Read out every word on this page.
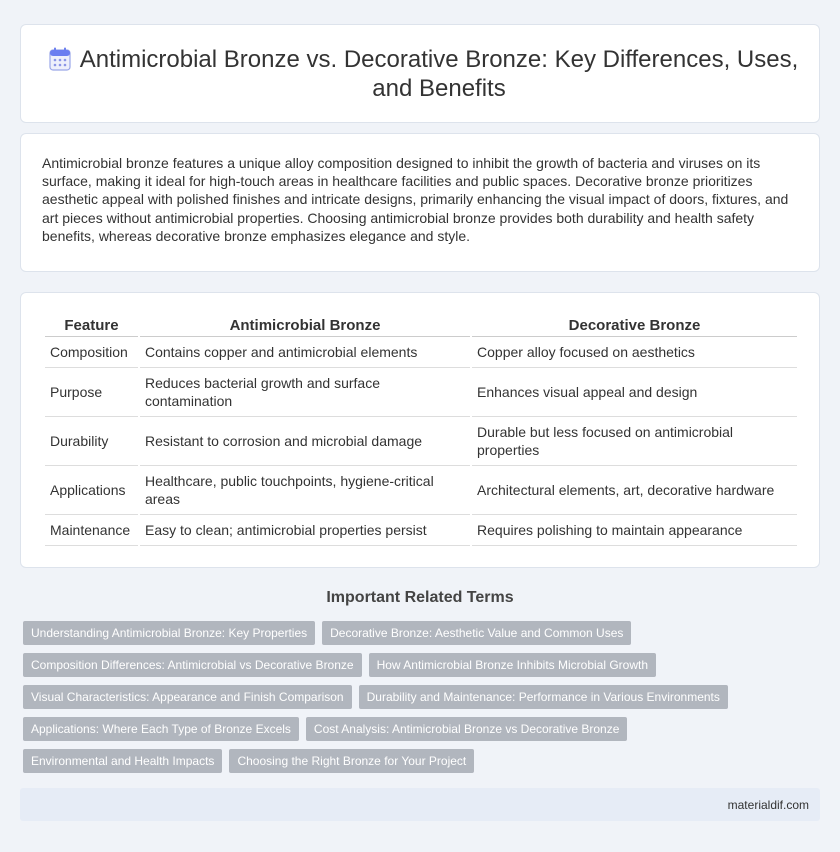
Antimicrobial Bronze vs. Decorative Bronze: Key Differences, Uses, and Benefits

Antimicrobial bronze features a unique alloy composition designed to inhibit the growth of bacteria and viruses on its surface, making it ideal for high-touch areas in healthcare facilities and public spaces. Decorative bronze prioritizes aesthetic appeal with polished finishes and intricate designs, primarily enhancing the visual impact of doors, fixtures, and art pieces without antimicrobial properties. Choosing antimicrobial bronze provides both durability and health safety benefits, whereas decorative bronze emphasizes elegance and style.

Feature	Antimicrobial Bronze	Decorative Bronze
Composition	Contains copper and antimicrobial elements	Copper alloy focused on aesthetics
Purpose	Reduces bacterial growth and surface contamination	Enhances visual appeal and design
Durability	Resistant to corrosion and microbial damage	Durable but less focused on antimicrobial properties
Applications	Healthcare, public touchpoints, hygiene-critical areas	Architectural elements, art, decorative hardware
Maintenance	Easy to clean; antimicrobial properties persist	Requires polishing to maintain appearance
Important Related Terms
Understanding Antimicrobial Bronze: Key Properties	Decorative Bronze: Aesthetic Value and Common Uses
Composition Differences: Antimicrobial vs Decorative Bronze	How Antimicrobial Bronze Inhibits Microbial Growth
Visual Characteristics: Appearance and Finish Comparison	Durability and Maintenance: Performance in Various Environments
Applications: Where Each Type of Bronze Excels	Cost Analysis: Antimicrobial Bronze vs Decorative Bronze
Environmental and Health Impacts	Choosing the Right Bronze for Your Project
materialdif.com
